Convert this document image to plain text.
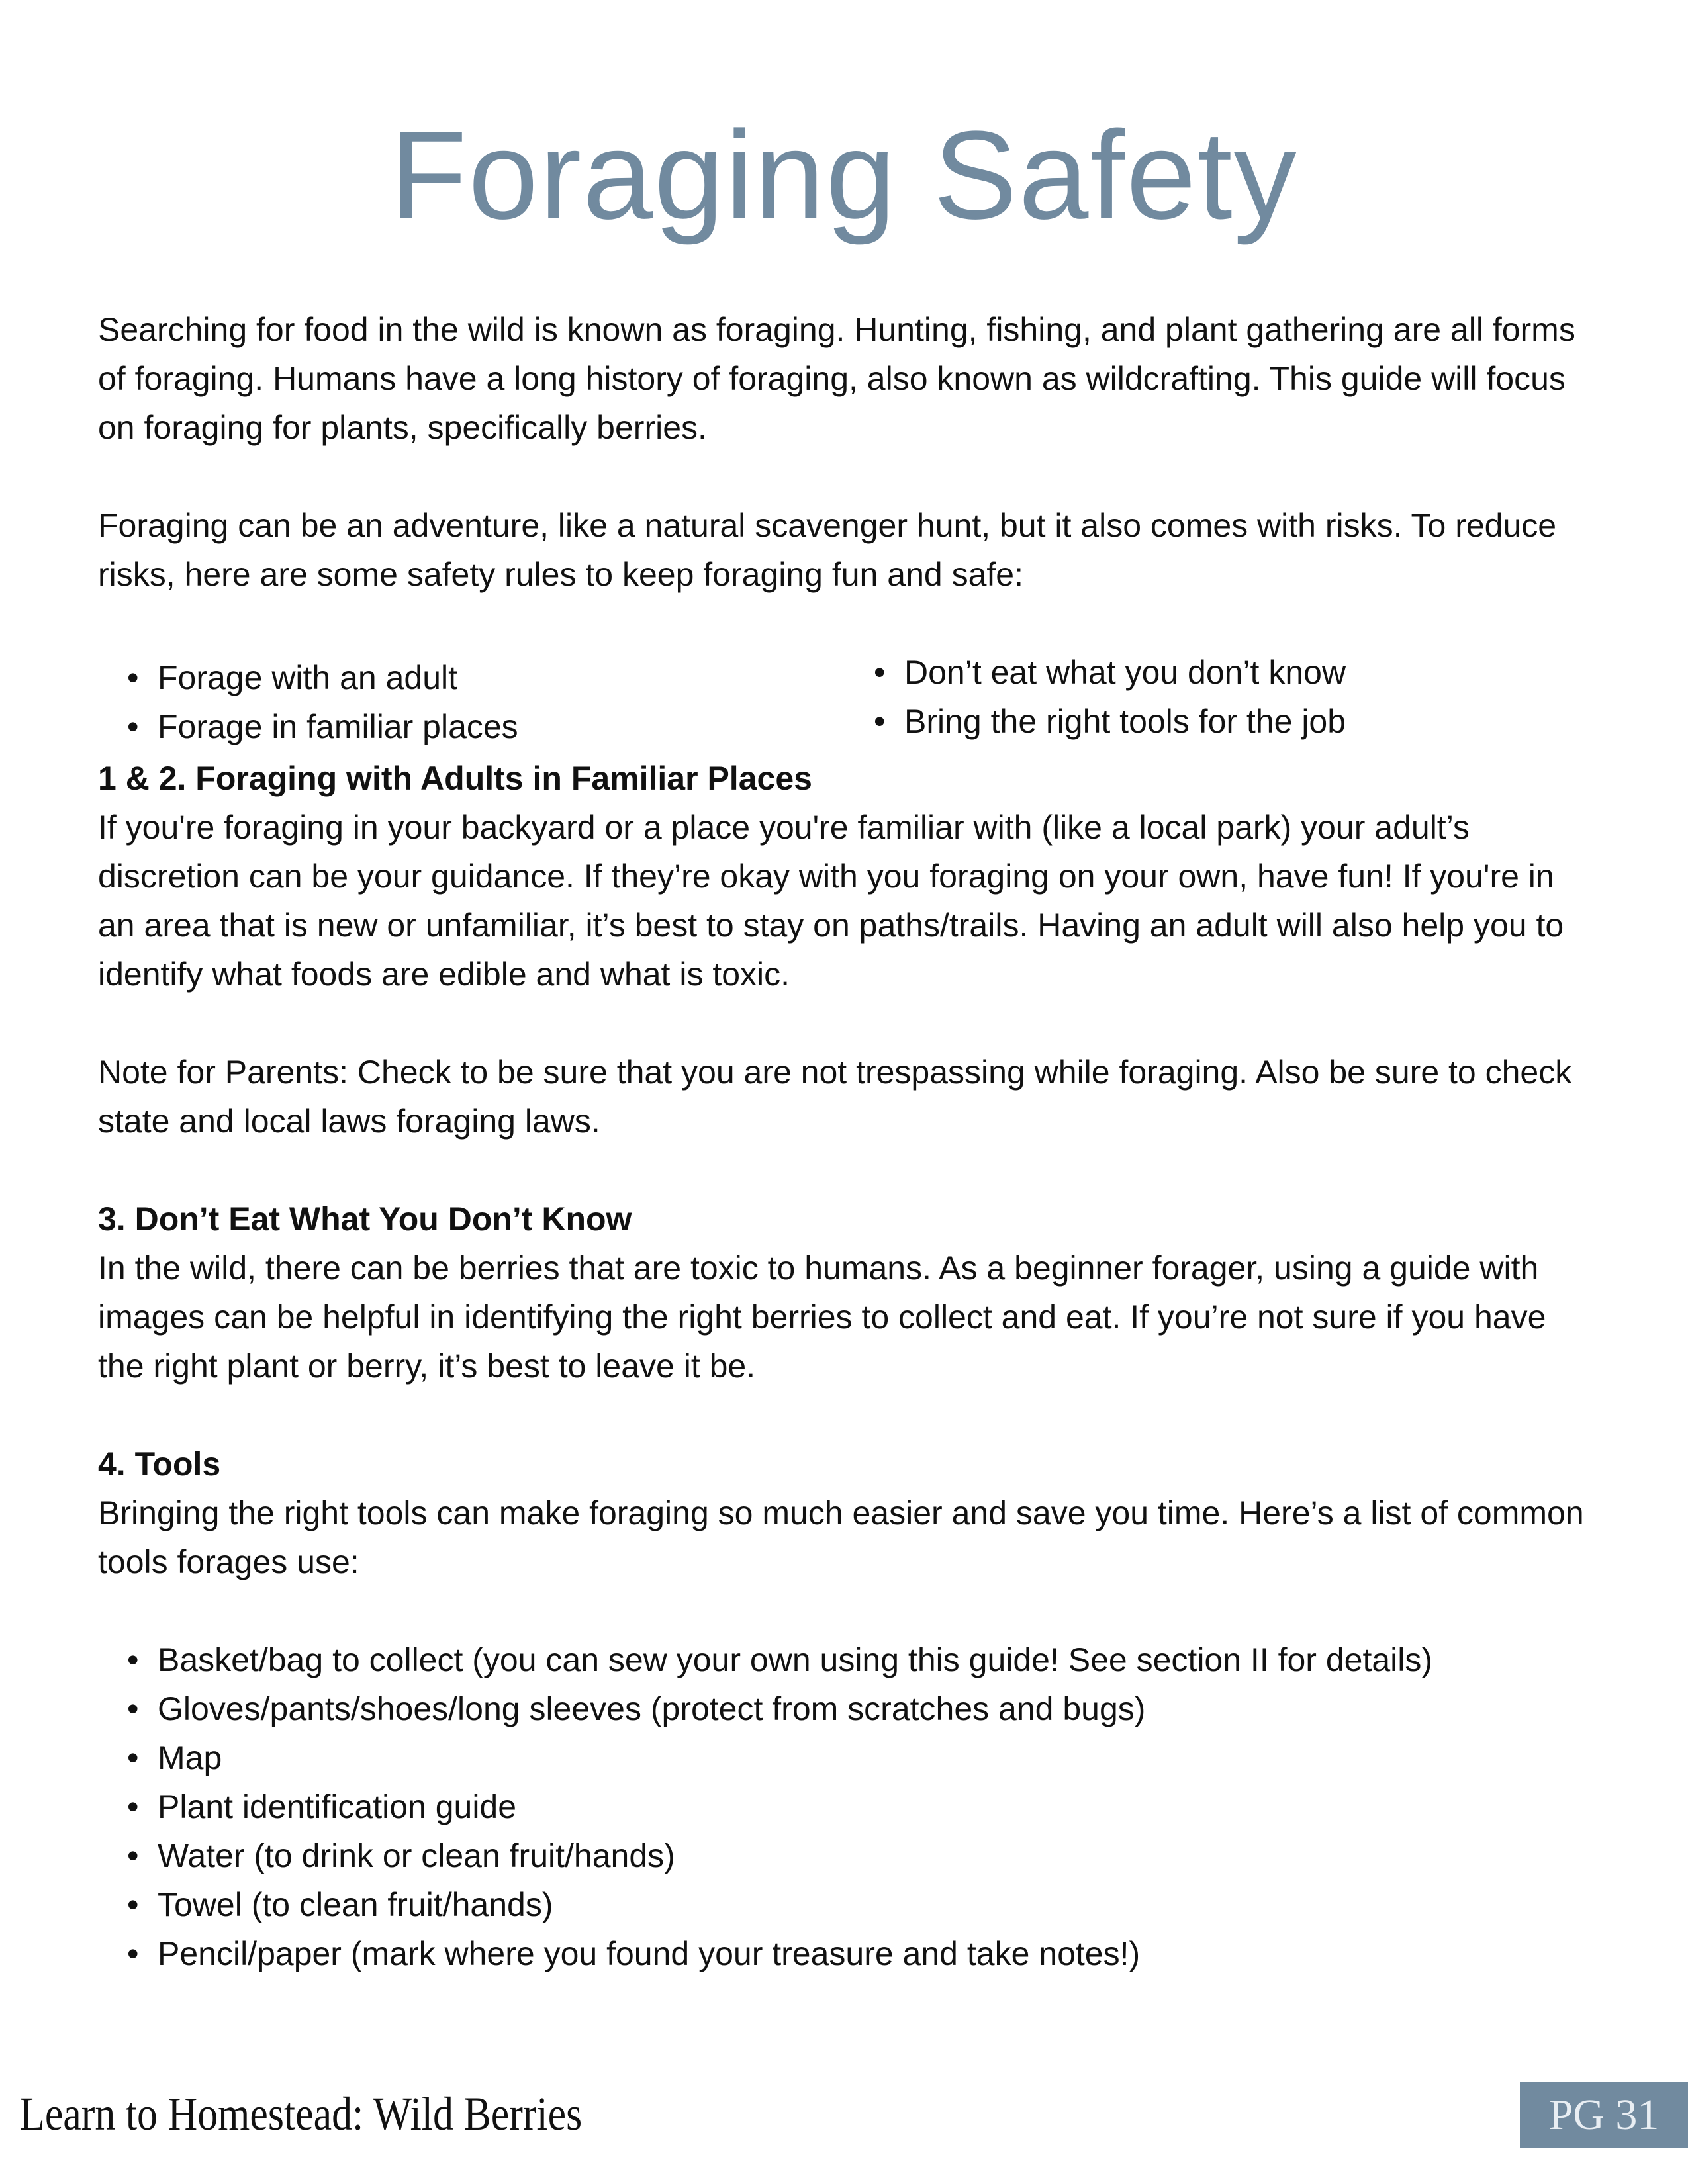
Foraging Safety

Searching for food in the wild is known as foraging. Hunting, fishing, and plant gathering are all forms of foraging. Humans have a long history of foraging, also known as wildcrafting. This guide will focus on foraging for plants, specifically berries.

Foraging can be an adventure, like a natural scavenger hunt, but it also comes with risks. To reduce risks, here are some safety rules to keep foraging fun and safe:

• Forage with an adult
• Forage in familiar places
• Don’t eat what you don’t know
• Bring the right tools for the job
1 & 2. Foraging with Adults in Familiar Places

If you're foraging in your backyard or a place you're familiar with (like a local park) your adult’s discretion can be your guidance. If they’re okay with you foraging on your own, have fun! If you're in an area that is new or unfamiliar, it’s best to stay on paths/trails. Having an adult will also help you to identify what foods are edible and what is toxic.

Note for Parents: Check to be sure that you are not trespassing while foraging. Also be sure to check state and local laws foraging laws.

3. Don’t Eat What You Don’t Know

In the wild, there can be berries that are toxic to humans. As a beginner forager, using a guide with images can be helpful in identifying the right berries to collect and eat. If you’re not sure if you have the right plant or berry, it’s best to leave it be.

4. Tools

Bringing the right tools can make foraging so much easier and save you time. Here’s a list of common tools forages use:

• Basket/bag to collect (you can sew your own using this guide! See section II for details)
• Gloves/pants/shoes/long sleeves (protect from scratches and bugs)
• Map
• Plant identification guide
• Water (to drink or clean fruit/hands)
• Towel (to clean fruit/hands)
• Pencil/paper (mark where you found your treasure and take notes!)
Learn to Homestead: Wild Berries	PG 31
